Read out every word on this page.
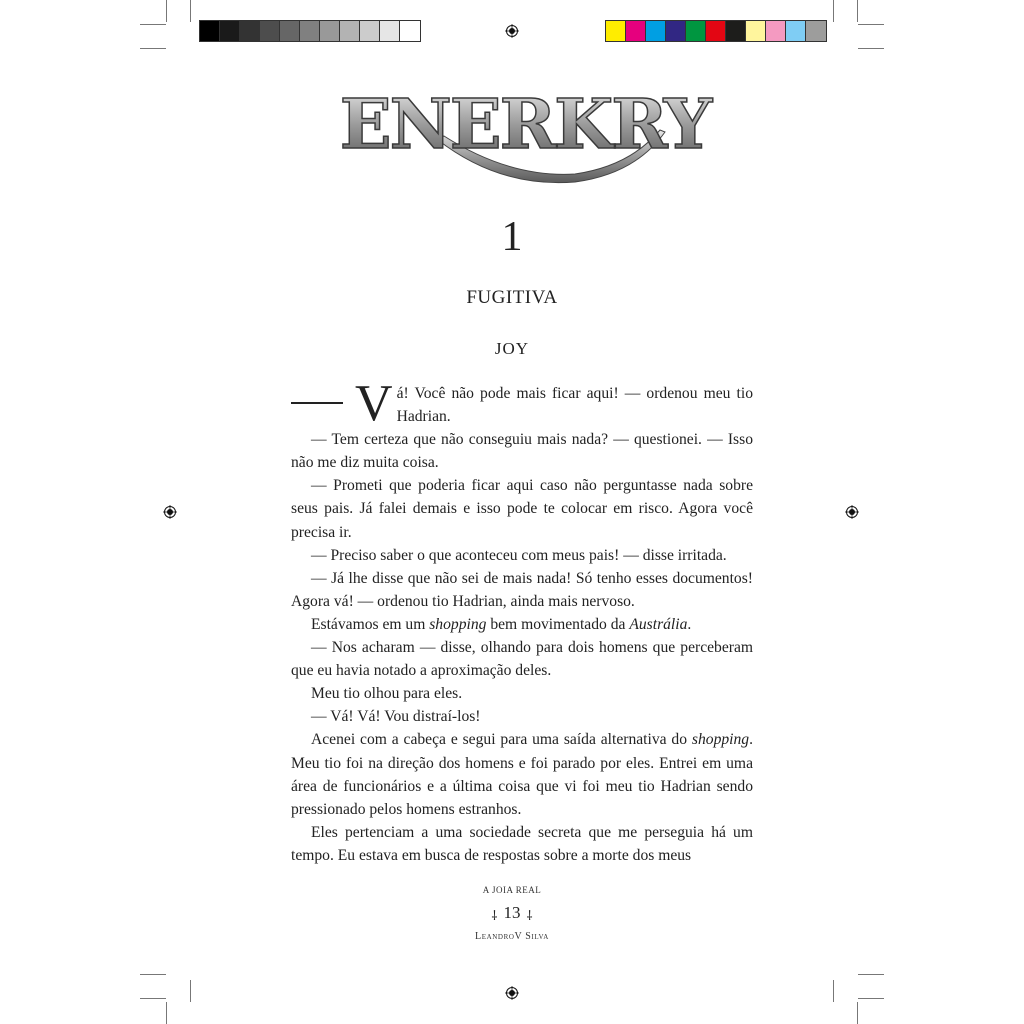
ENERKRY
1
FUGITIVA
JOY

Vá! Você não pode mais ficar aqui! — ordenou meu tio Hadrian.

— Tem certeza que não conseguiu mais nada? — questionei. — Isso não me diz muita coisa.

— Prometi que poderia ficar aqui caso não perguntasse nada sobre seus pais. Já falei demais e isso pode te colocar em risco. Agora você precisa ir.

— Preciso saber o que aconteceu com meus pais! — disse irritada.

— Já lhe disse que não sei de mais nada! Só tenho esses documentos! Agora vá! — ordenou tio Hadrian, ainda mais nervoso.

Estávamos em um shopping bem movimentado da Austrália.

— Nos acharam — disse, olhando para dois homens que perceberam que eu havia notado a aproximação deles.

Meu tio olhou para eles.

— Vá! Vá! Vou distraí-los!

Acenei com a cabeça e segui para uma saída alternativa do shopping. Meu tio foi na direção dos homens e foi parado por eles. Entrei em uma área de funcionários e a última coisa que vi foi meu tio Hadrian sendo pressionado pelos homens estranhos.

Eles pertenciam a uma sociedade secreta que me perseguia há um tempo. Eu estava em busca de respostas sobre a morte dos meus

A JOIA REAL
⸸ 13 ⸸
LeandroV Silva
